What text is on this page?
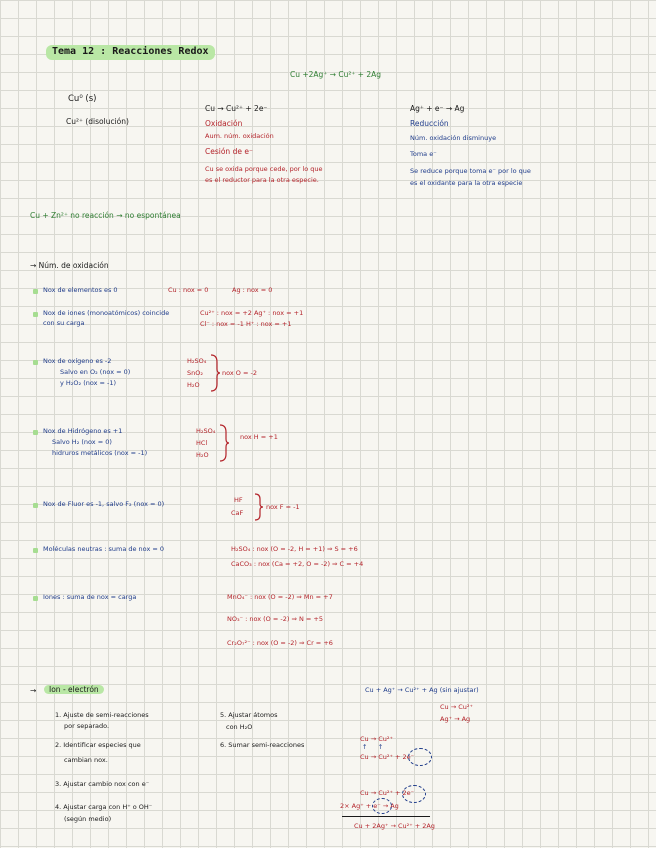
Tema 12 : Reacciones Redox
Cu +2Ag⁺ → Cu²⁺ + 2Ag
Cu⁰ (s)
Cu²⁺ (disolución)
Cu → Cu²⁺ + 2e⁻
Oxidación
Aum. núm. oxidación
Cesión de e⁻
Cu se oxida porque cede, por lo que
es el reductor para la otra especie.
Ag⁺ + e⁻ → Ag
Reducción
Núm. oxidación disminuye
Toma e⁻
Se reduce porque toma e⁻ por lo que
es el oxidante para la otra especie
Cu + Zn²⁺ no reacción → no espontánea
→ Núm. de oxidación
Nox de elementos es 0	Cu : nox = 0	Ag : nox = 0
Nox de iones (monoatómicos) coincide
con su carga
Cu²⁺ : nox = +2 Ag⁺ : nox = +1
Cl⁻ : nox = -1 H⁺ : nox = +1
Nox de oxígeno es -2
Salvo en O₂ (nox = 0)
y H₂O₂ (nox = -1)
H₂SO₄
SnO₂
H₂O
nox O = -2
Nox de Hidrógeno es +1
Salvo H₂ (nox = 0)
hidruros metálicos (nox = -1)
H₂SO₄
HCl
H₂O
nox H = +1
Nox de Fluor es -1, salvo F₂ (nox = 0)	HF
CaF
nox F = -1
Moléculas neutras : suma de nox = 0	H₂SO₄ : nox (O = -2, H = +1) ⇒ S = +6
CaCO₃ : nox (Ca = +2, O = -2) ⇒ C = +4
Iones : suma de nox = carga	MnO₄⁻ : nox (O = -2) ⇒ Mn = +7
NO₃⁻ : nox (O = -2) ⇒ N = +5
Cr₂O₇²⁻ : nox (O = -2) ⇒ Cr = +6
→	Ion - electrón
1. Ajuste de semi-reacciones
por separado.
2. Identificar especies que
cambian nox.
3. Ajustar cambio nox con e⁻
4. Ajustar carga con H⁺ o OH⁻
(según medio)
5. Ajustar átomos
con H₂O
6. Sumar semi-reacciones
Cu + Ag⁺ → Cu²⁺ + Ag (sin ajustar)
Cu → Cu²⁺
Ag⁺ → Ag
Cu → Cu²⁺
↑     ↑
Cu → Cu²⁺ + 2e⁻
Cu → Cu²⁺ + 2e⁻
2× Ag⁺ + e⁻ → Ag
Cu + 2Ag⁺ → Cu²⁺ + 2Ag
